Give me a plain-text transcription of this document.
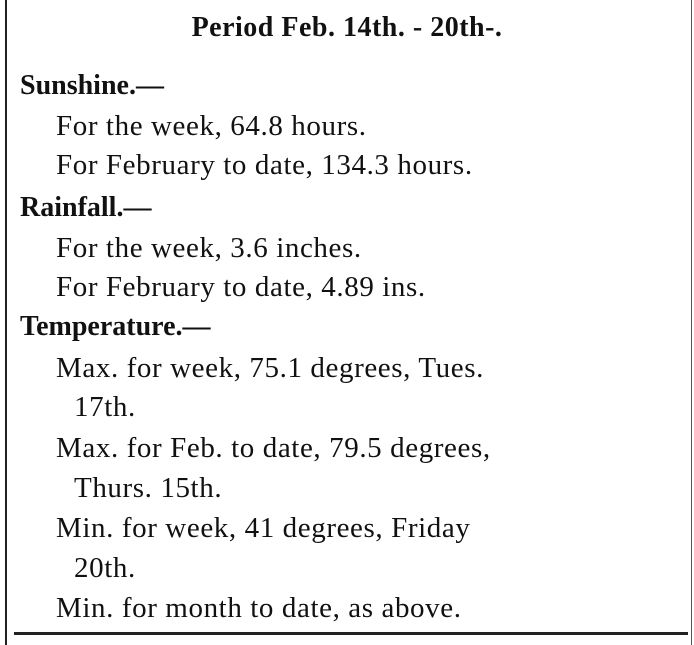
Period Feb. 14th. - 20th-.
Sunshine.—
For the week, 64.8 hours.
For February to date, 134.3 hours.
Rainfall.—
For the week, 3.6 inches.
For February to date, 4.89 ins.
Temperature.—
Max. for week, 75.1 degrees, Tues.
17th.
Max. for Feb. to date, 79.5 degrees,
Thurs. 15th.
Min. for week, 41 degrees, Friday
20th.
Min. for month to date, as above.
